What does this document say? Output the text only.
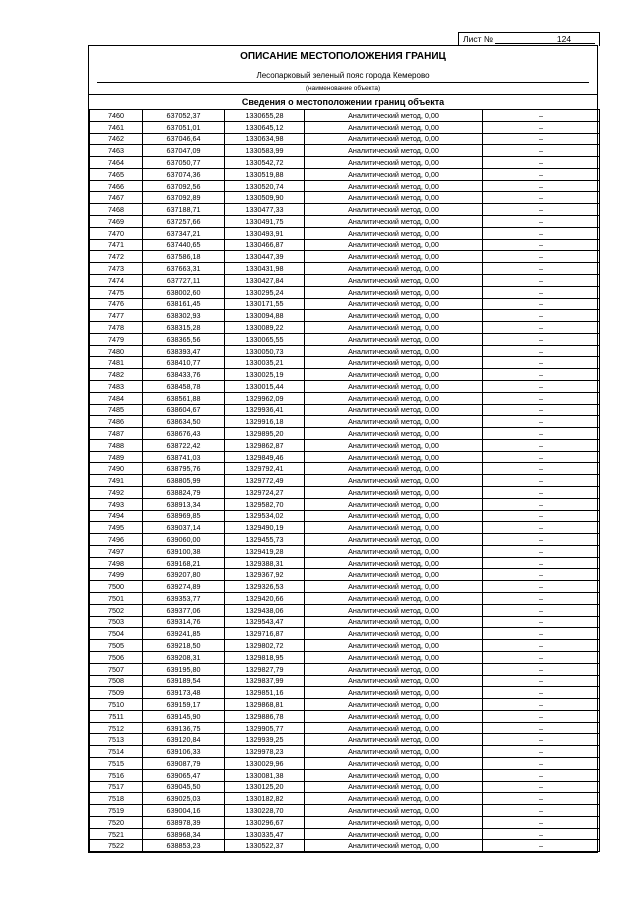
Лист №	124
ОПИСАНИЕ МЕСТОПОЛОЖЕНИЯ ГРАНИЦ
Лесопарковый зеленый пояс города Кемерово
(наименование объекта)
Сведения о местоположении границ объекта
7460	637052,37	1330655,28	Аналитический метод, 0,00	–
7461	637051,01	1330645,12	Аналитический метод, 0,00	–
7462	637046,64	1330634,98	Аналитический метод, 0,00	–
7463	637047,09	1330583,99	Аналитический метод, 0,00	–
7464	637050,77	1330542,72	Аналитический метод, 0,00	–
7465	637074,36	1330519,88	Аналитический метод, 0,00	–
7466	637092,56	1330520,74	Аналитический метод, 0,00	–
7467	637092,89	1330509,90	Аналитический метод, 0,00	–
7468	637188,71	1330477,33	Аналитический метод, 0,00	–
7469	637257,66	1330491,75	Аналитический метод, 0,00	–
7470	637347,21	1330493,91	Аналитический метод, 0,00	–
7471	637440,65	1330466,87	Аналитический метод, 0,00	–
7472	637586,18	1330447,39	Аналитический метод, 0,00	–
7473	637663,31	1330431,98	Аналитический метод, 0,00	–
7474	637727,11	1330427,84	Аналитический метод, 0,00	–
7475	638002,60	1330295,24	Аналитический метод, 0,00	–
7476	638161,45	1330171,55	Аналитический метод, 0,00	–
7477	638302,93	1330094,88	Аналитический метод, 0,00	–
7478	638315,28	1330089,22	Аналитический метод, 0,00	–
7479	638365,56	1330065,55	Аналитический метод, 0,00	–
7480	638393,47	1330050,73	Аналитический метод, 0,00	–
7481	638410,77	1330035,21	Аналитический метод, 0,00	–
7482	638433,76	1330025,19	Аналитический метод, 0,00	–
7483	638458,78	1330015,44	Аналитический метод, 0,00	–
7484	638561,88	1329962,09	Аналитический метод, 0,00	–
7485	638604,67	1329936,41	Аналитический метод, 0,00	–
7486	638634,50	1329916,18	Аналитический метод, 0,00	–
7487	638676,43	1329895,20	Аналитический метод, 0,00	–
7488	638722,42	1329862,87	Аналитический метод, 0,00	–
7489	638741,03	1329849,46	Аналитический метод, 0,00	–
7490	638795,76	1329792,41	Аналитический метод, 0,00	–
7491	638805,99	1329772,49	Аналитический метод, 0,00	–
7492	638824,79	1329724,27	Аналитический метод, 0,00	–
7493	638913,34	1329582,70	Аналитический метод, 0,00	–
7494	638969,85	1329534,02	Аналитический метод, 0,00	–
7495	639037,14	1329490,19	Аналитический метод, 0,00	–
7496	639060,00	1329455,73	Аналитический метод, 0,00	–
7497	639100,38	1329419,28	Аналитический метод, 0,00	–
7498	639168,21	1329388,31	Аналитический метод, 0,00	–
7499	639207,80	1329367,92	Аналитический метод, 0,00	–
7500	639274,89	1329326,53	Аналитический метод, 0,00	–
7501	639353,77	1329420,66	Аналитический метод, 0,00	–
7502	639377,06	1329438,06	Аналитический метод, 0,00	–
7503	639314,76	1329543,47	Аналитический метод, 0,00	–
7504	639241,85	1329716,87	Аналитический метод, 0,00	–
7505	639218,50	1329802,72	Аналитический метод, 0,00	–
7506	639208,31	1329818,95	Аналитический метод, 0,00	–
7507	639195,80	1329827,79	Аналитический метод, 0,00	–
7508	639189,54	1329837,99	Аналитический метод, 0,00	–
7509	639173,48	1329851,16	Аналитический метод, 0,00	–
7510	639159,17	1329868,81	Аналитический метод, 0,00	–
7511	639145,90	1329886,78	Аналитический метод, 0,00	–
7512	639136,75	1329905,77	Аналитический метод, 0,00	–
7513	639120,84	1329939,25	Аналитический метод, 0,00	–
7514	639106,33	1329978,23	Аналитический метод, 0,00	–
7515	639087,79	1330029,96	Аналитический метод, 0,00	–
7516	639065,47	1330081,38	Аналитический метод, 0,00	–
7517	639045,50	1330125,20	Аналитический метод, 0,00	–
7518	639025,03	1330182,82	Аналитический метод, 0,00	–
7519	639004,16	1330228,70	Аналитический метод, 0,00	–
7520	638978,39	1330296,67	Аналитический метод, 0,00	–
7521	638968,34	1330335,47	Аналитический метод, 0,00	–
7522	638853,23	1330522,37	Аналитический метод, 0,00	–
